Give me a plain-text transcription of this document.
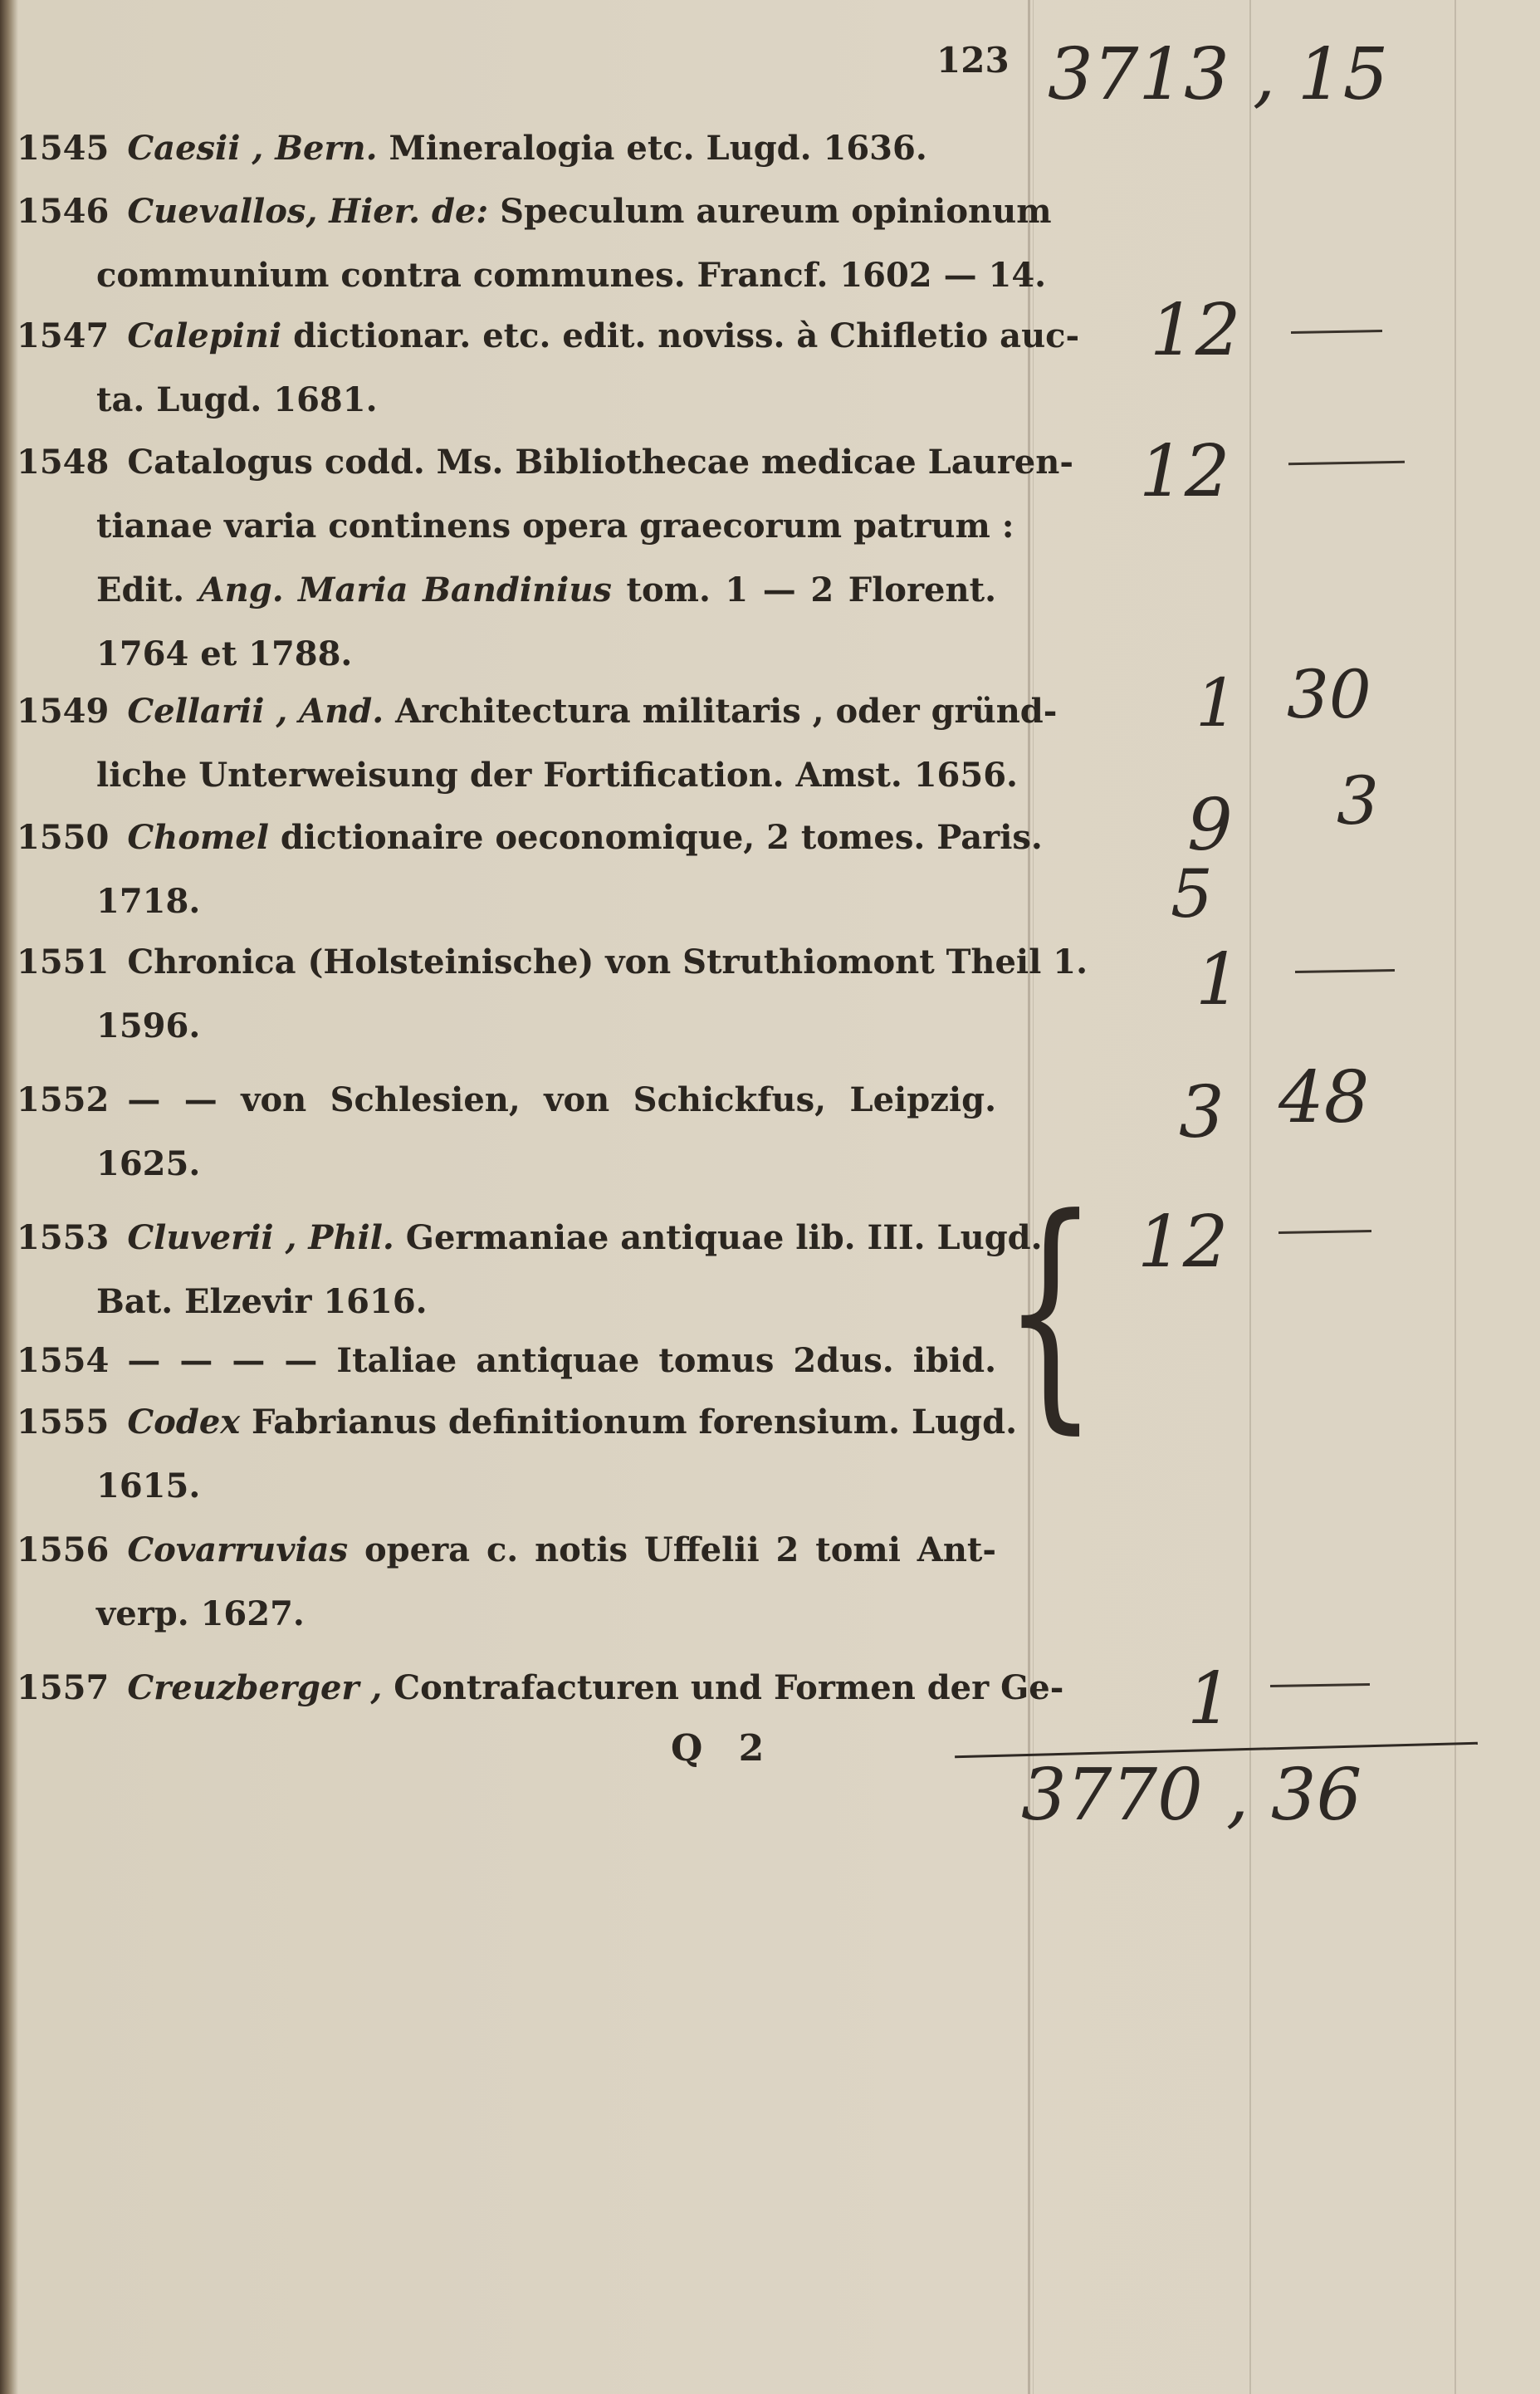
123 3713 ‚ 15
1545 Caesii , Bern. Mineralogia etc. Lugd. 1636.
1546 Cuevallos, Hier. de: Speculum aureum opinionum
communium contra communes. Francf. 1602 — 14.
1547 Calepini dictionar. etc. edit. noviss. à Chifletio auc-
ta. Lugd. 1681.
1548 Catalogus codd. Ms. Bibliothecae medicae Lauren-
tianae varia continens opera graecorum patrum :
Edit. Ang. Maria Bandinius tom. 1 — 2 Florent.
1764 et 1788.
1549 Cellarii , And. Architectura militaris , oder gründ-
liche Unterweisung der Fortification. Amst. 1656.
1550 Chomel dictionaire oeconomique, 2 tomes. Paris.
1718.
1551 Chronica (Holsteinische) von Struthiomont Theil 1.
1596.
1552 — — von Schlesien, von Schickfus, Leipzig.
1625.
1553 Cluverii , Phil. Germaniae antiquae lib. III. Lugd.
Bat. Elzevir 1616.
1554 — — — — Italiae antiquae tomus 2dus. ibid.
1555 Codex Fabrianus definitionum forensium. Lugd.
1615.
1556 Covarruvias opera c. notis Uffelii 2 tomi Ant-
verp. 1627.
1557 Creuzberger , Contrafacturen und Formen der Ge-
Q 2
12
12
1 30
9 3
5
1
3 48
{ 12
1
3770 ‚ 36
